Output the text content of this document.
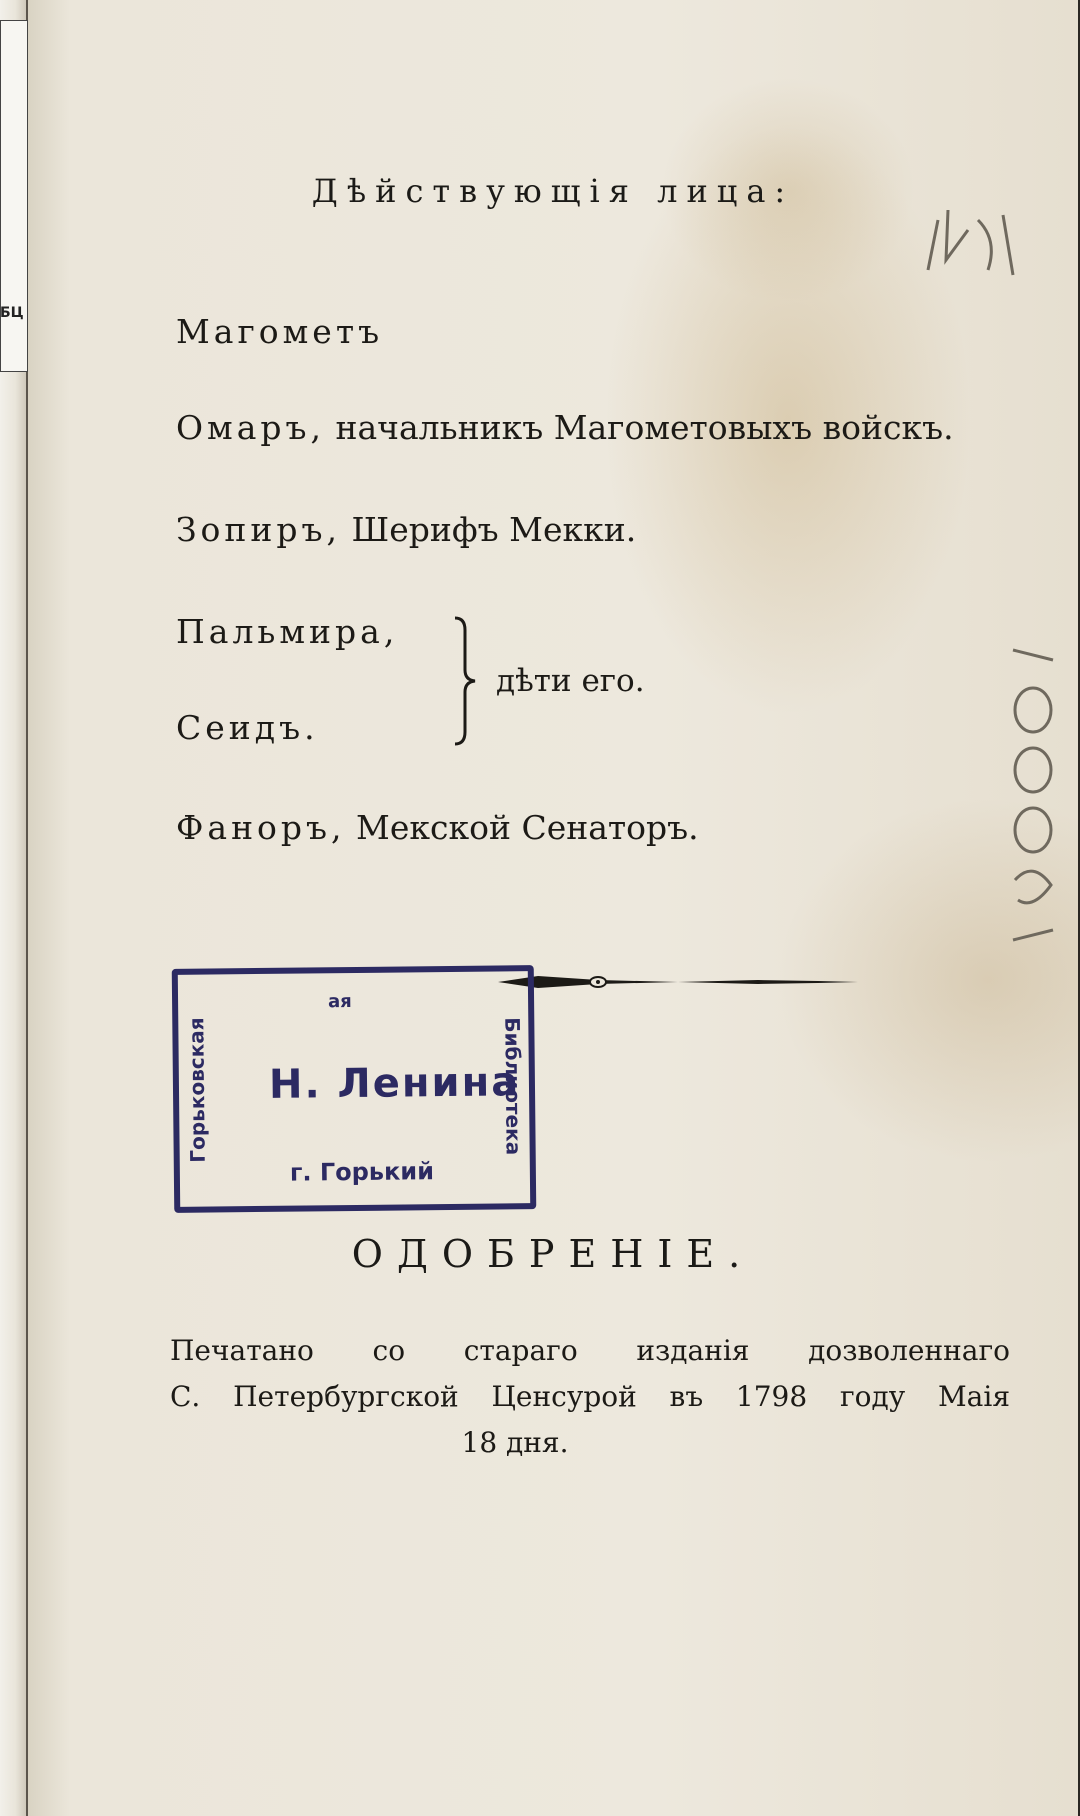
БЦ
Дѣйствующія лица:
Магометъ
Омаръ, начальникъ Магометовыхъ войскъ.
Зопиръ, Шерифъ Мекки.
Пальмира,
Сеидъ.
дѣти его.
Фаноръ, Мекской Сенаторъ.
Горьковская
ая
Н. Ленина
г. Горький
Библиотека
ОДОБРЕНІЕ.
Печатано со стараго изданія дозволеннаго
С. Петербургской Ценсурой въ 1798 году Маія
18 дня.
